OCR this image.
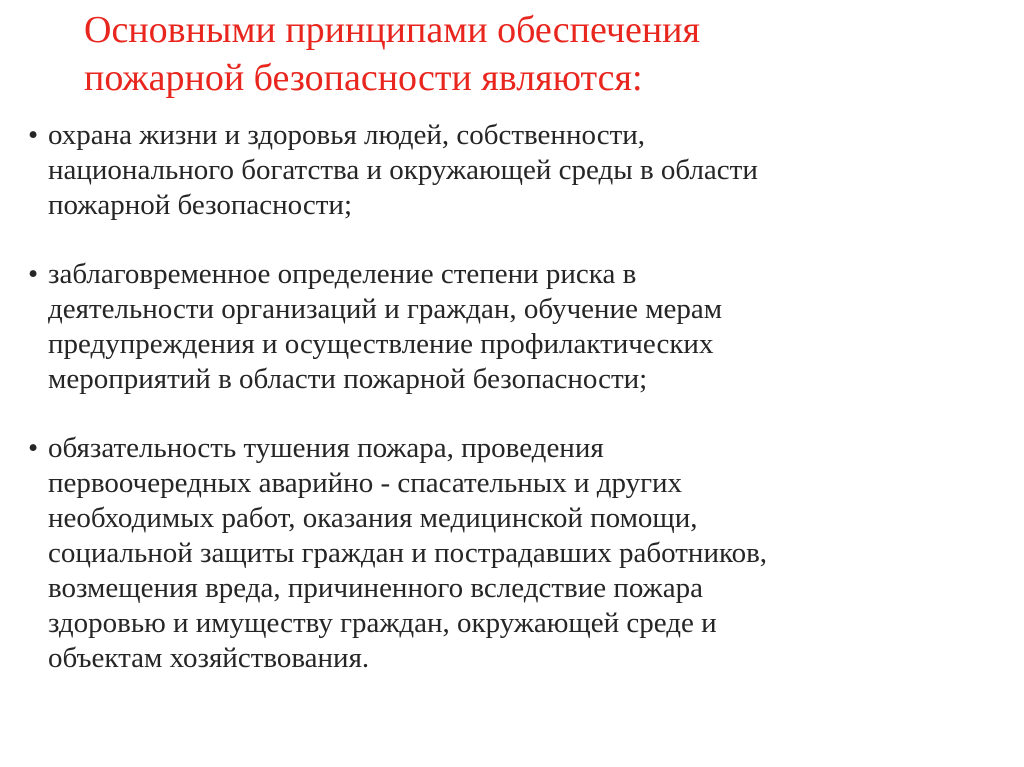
Основными принципами обеспечения
пожарной безопасности являются:
• охрана жизни и здоровья людей, собственности,
национального богатства и окружающей среды в области
пожарной безопасности;
• заблаговременное определение степени риска в
деятельности организаций и граждан, обучение мерам
предупреждения и осуществление профилактических
мероприятий в области пожарной безопасности;
• обязательность тушения пожара, проведения
первоочередных аварийно - спасательных и других
необходимых работ, оказания медицинской помощи,
социальной защиты граждан и пострадавших работников,
возмещения вреда, причиненного вследствие пожара
здоровью и имуществу граждан, окружающей среде и
объектам хозяйствования.
